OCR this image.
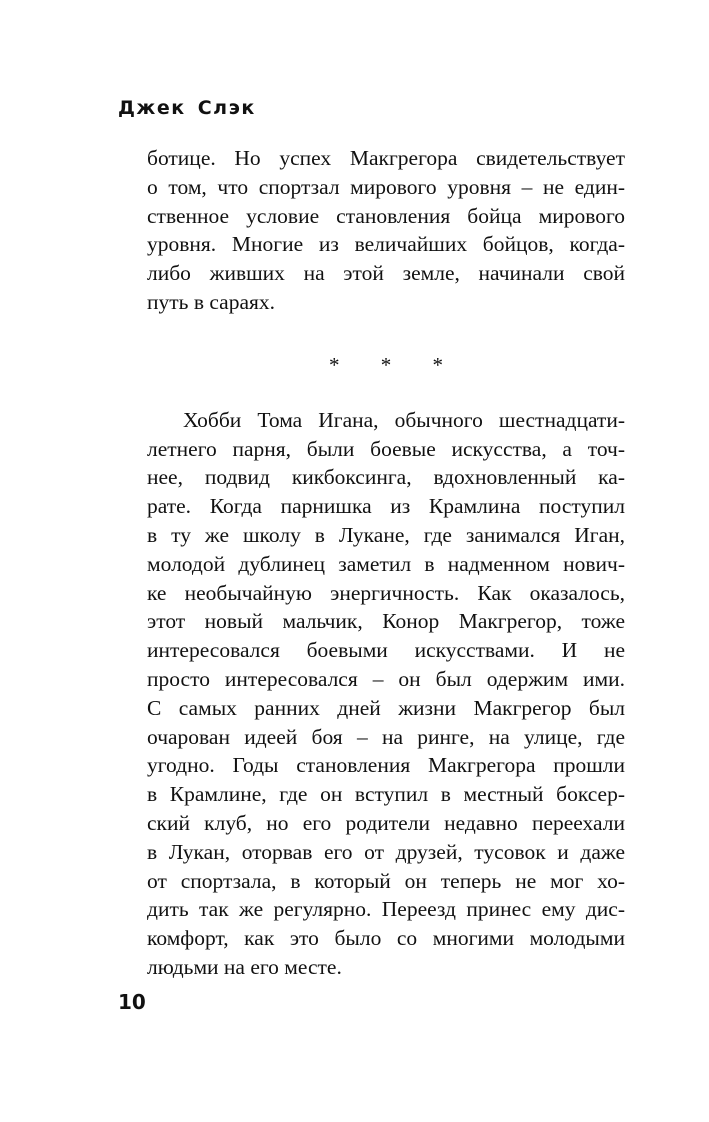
Джек Слэк
ботице. Но успех Макгрегора свидетельствует
о том, что спортзал мирового уровня – не един-
ственное условие становления бойца мирового
уровня. Многие из величайших бойцов, когда-
либо живших на этой земле, начинали свой
путь в сараях.
* * *
Хобби Тома Игана, обычного шестнадцати-
летнего парня, были боевые искусства, а точ-
нее, подвид кикбоксинга, вдохновленный ка-
рате. Когда парнишка из Крамлина поступил
в ту же школу в Лукане, где занимался Иган,
молодой дублинец заметил в надменном нович-
ке необычайную энергичность. Как оказалось,
этот новый мальчик, Конор Макгрегор, тоже
интересовался боевыми искусствами. И не
просто интересовался – он был одержим ими.
С самых ранних дней жизни Макгрегор был
очарован идеей боя – на ринге, на улице, где
угодно. Годы становления Макгрегора прошли
в Крамлине, где он вступил в местный боксер-
ский клуб, но его родители недавно переехали
в Лукан, оторвав его от друзей, тусовок и даже
от спортзала, в который он теперь не мог хо-
дить так же регулярно. Переезд принес ему дис-
комфорт, как это было со многими молодыми
людьми на его месте.
10
